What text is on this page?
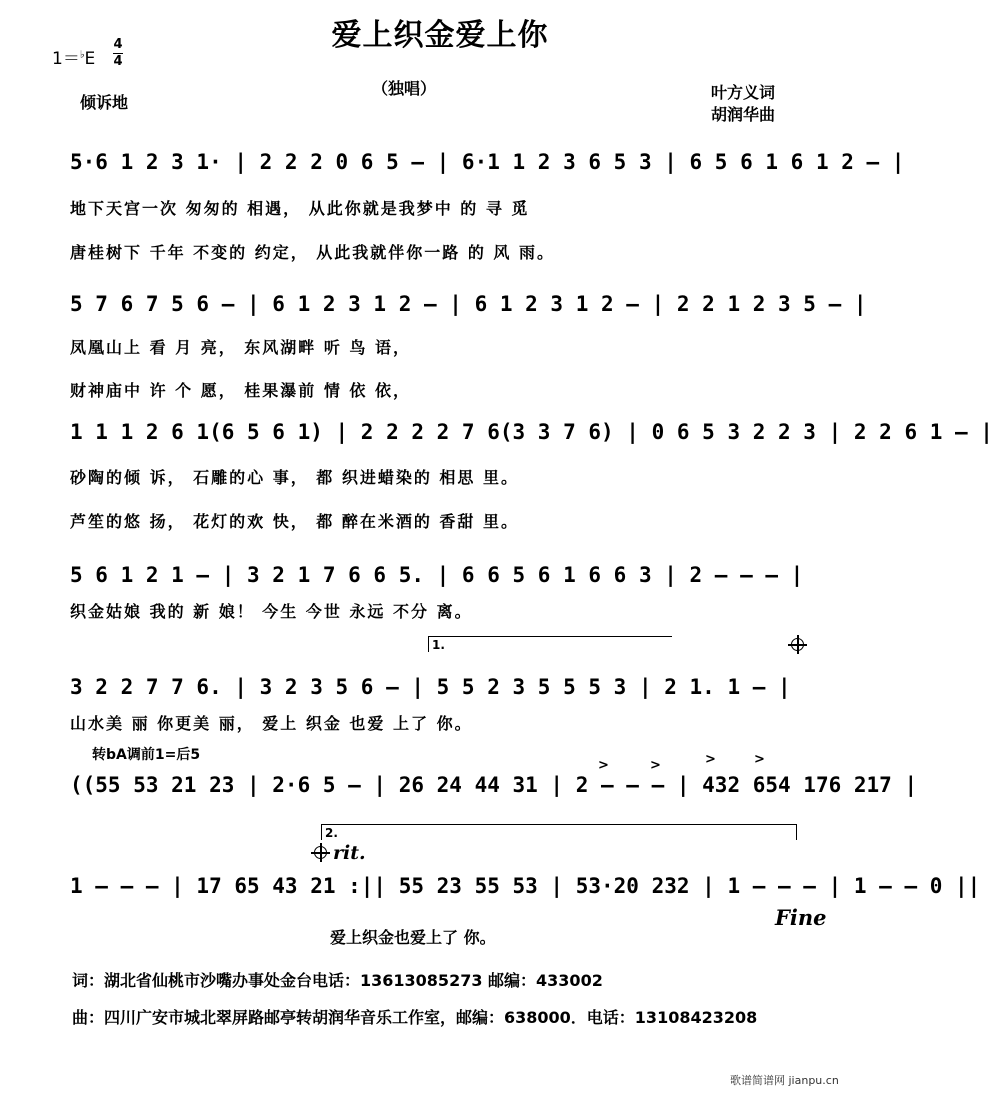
爱上织金爱上你
1＝♭E
4
4
倾诉地
（独唱）	叶方义词
胡润华曲
5·6 1 2 3 1· | 2 2 2 0 6 5 – | 6·1 1 2 3 6 5 3 | 6 5 6 1 6 1 2 – |
地下天宫一次 匆匆的 相遇， 从此你就是我梦中 的 寻 觅
唐桂树下 千年 不变的 约定， 从此我就伴你一路 的 风 雨。
5 7 6 7 5 6 – | 6 1 2 3 1 2 – | 6 1 2 3 1 2 – | 2 2 1 2 3 5 – |
凤凰山上 看 月 亮， 东风湖畔 听 鸟 语，
财神庙中 许 个 愿， 桂果瀑前 情 依 依，
1 1 1 2 6 1(6 5 6 1) | 2 2 2 2 7 6(3 3 7 6) | 0 6 5 3 2 2 3 | 2 2 6 1 – |
砂陶的倾 诉， 石雕的心 事， 都 织进蜡染的 相思 里。
芦笙的悠 扬， 花灯的欢 快， 都 醉在米酒的 香甜 里。
5 6 1 2 1 – | 3 2 1 7 6 6 5. | 6 6 5 6 1 6 6 3 | 2 – – – |
织金姑娘 我的 新 娘！ 今生 今世 永远 不分 离。
1.
3 2 2 7 7 6. | 3 2 3 5 6 – | 5 5 2 3 5 5 5 3 | 2 1. 1 – |
山水美 丽 你更美 丽， 爱上 织金 也爱 上了 你。
转bA调前1=后5
>	>	>	>
((55 53 21 23 | 2·6 5 – | 26 24 44 31 | 2 – – – | 432 654 176 217 |
2.
rit.
1 – – – | 17 65 43 21 :|| 55 23 55 53 | 53·20 232 | 1 – – – | 1 – – 0 ||
爱上织金也爱上了 你。
Fine
词：湖北省仙桃市沙嘴办事处金台电话：13613085273 邮编：433002
曲：四川广安市城北翠屏路邮亭转胡润华音乐工作室，邮编：638000．电话：13108423208
歌谱简谱网 jianpu.cn
